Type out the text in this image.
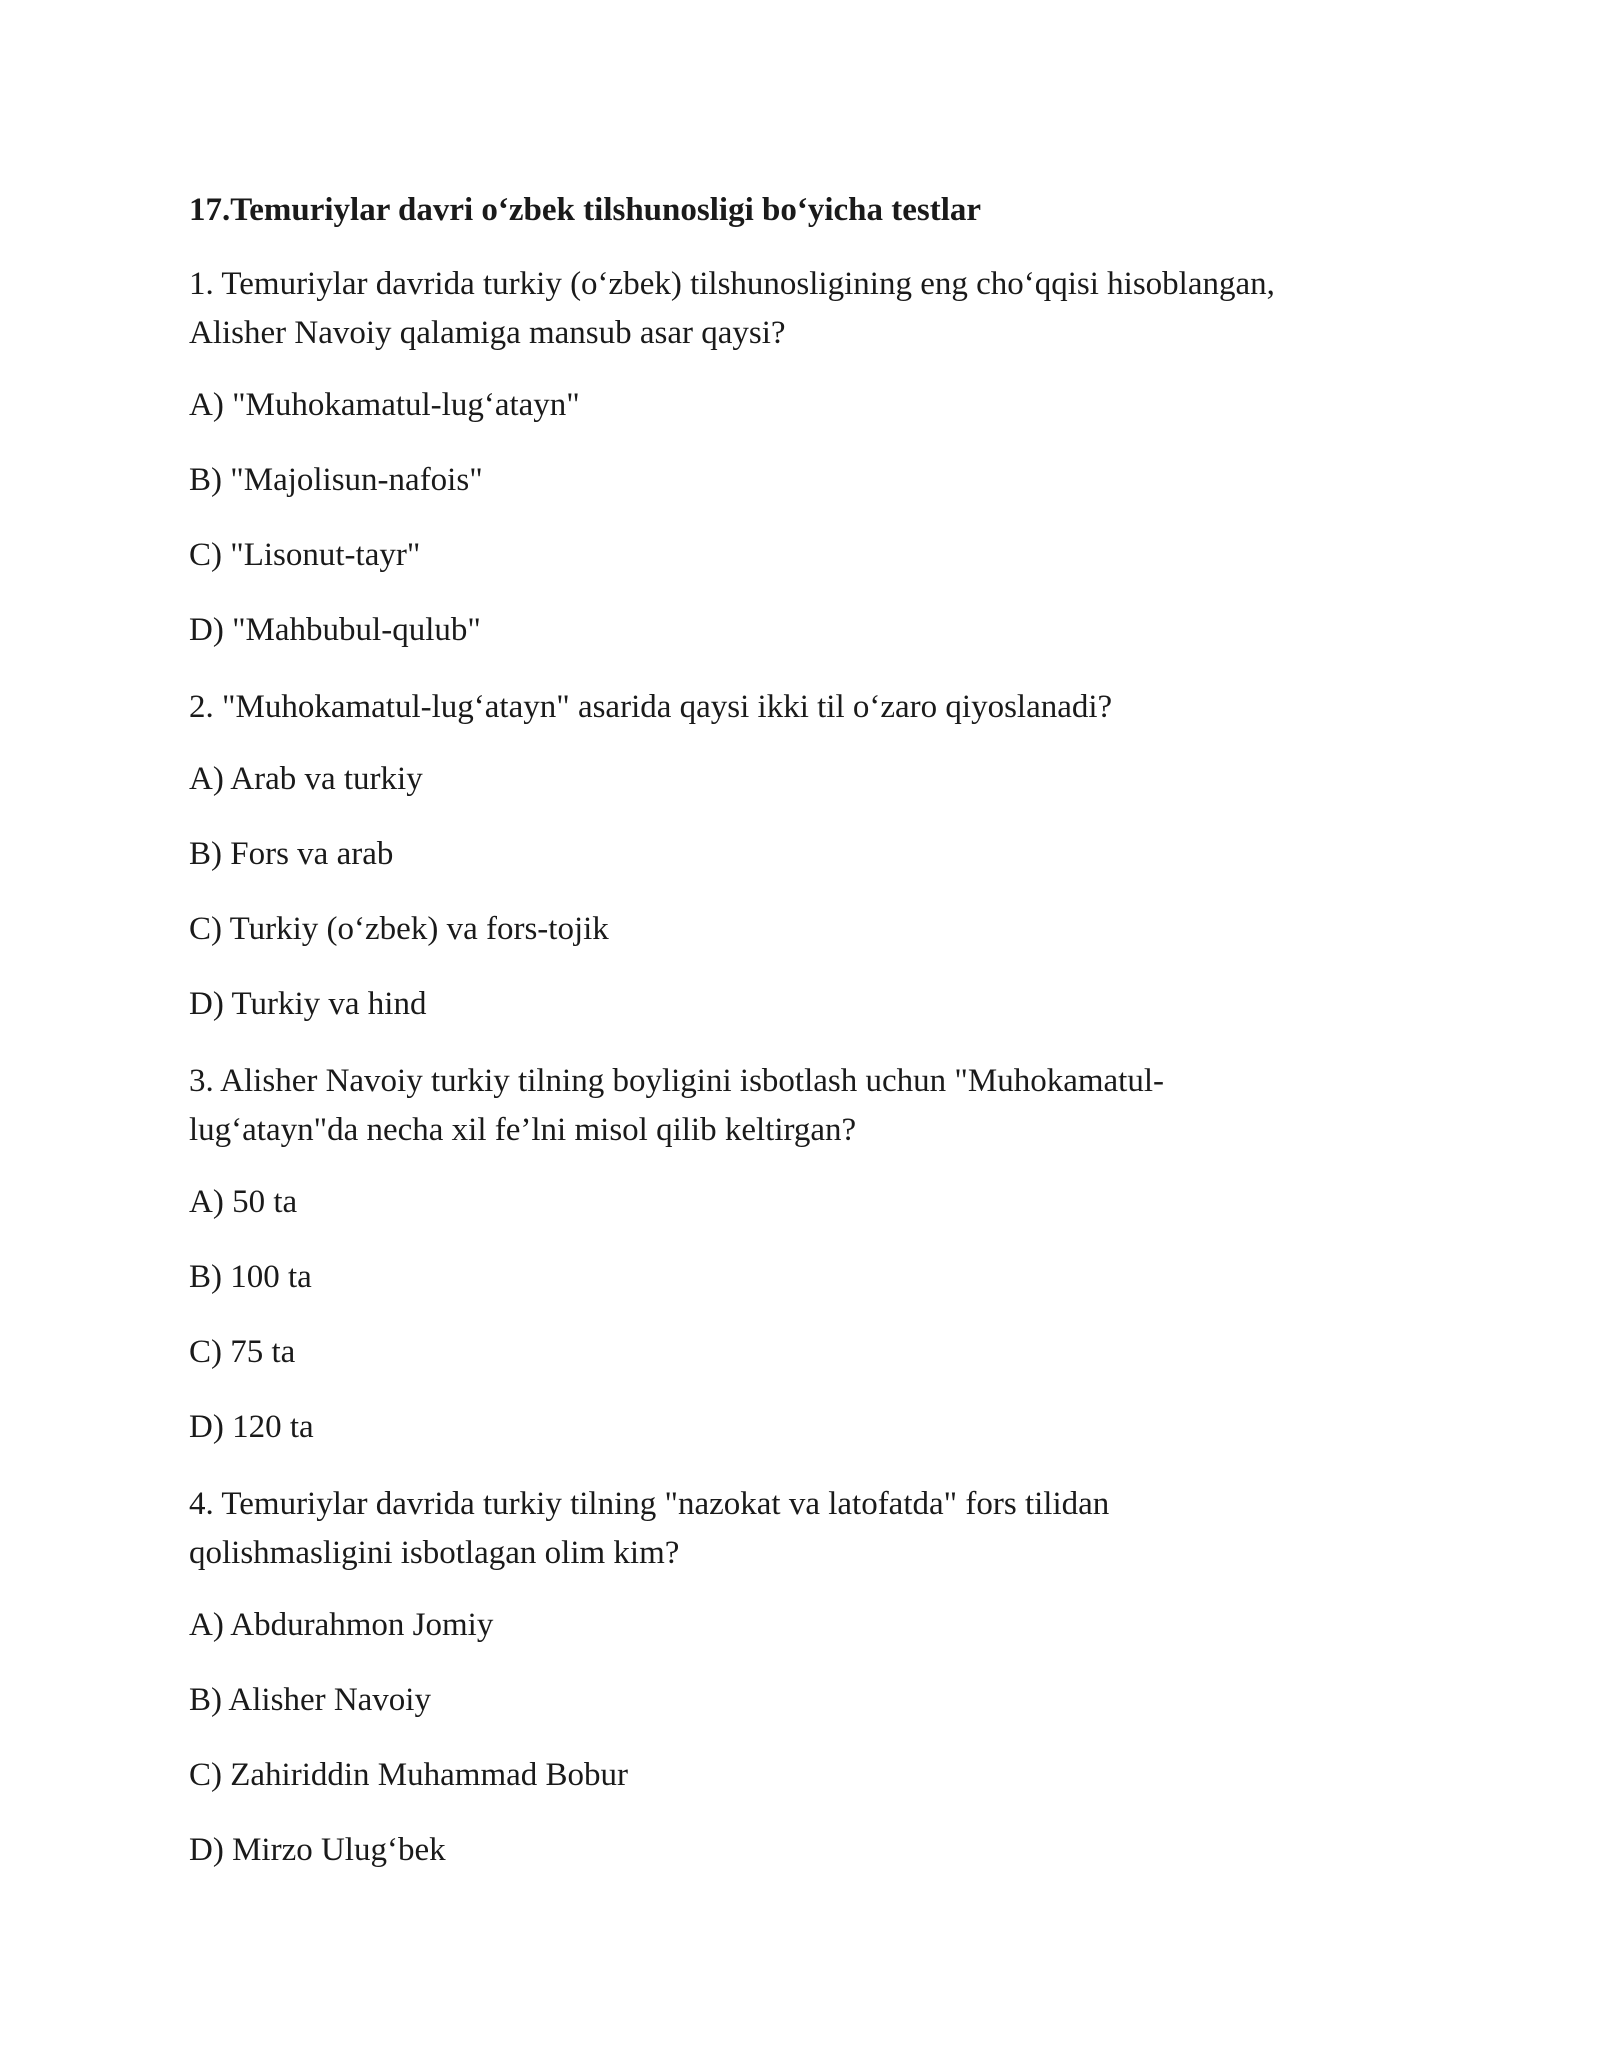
17.Temuriylar davri o‘zbek tilshunosligi bo‘yicha testlar
1. Temuriylar davrida turkiy (o‘zbek) tilshunosligining eng cho‘qqisi hisoblangan,
Alisher Navoiy qalamiga mansub asar qaysi?
A) "Muhokamatul-lug‘atayn"
B) "Majolisun-nafois"
C) "Lisonut-tayr"
D) "Mahbubul-qulub"
2. "Muhokamatul-lug‘atayn" asarida qaysi ikki til o‘zaro qiyoslanadi?
A) Arab va turkiy
B) Fors va arab
C) Turkiy (o‘zbek) va fors-tojik
D) Turkiy va hind
3. Alisher Navoiy turkiy tilning boyligini isbotlash uchun "Muhokamatul-
lug‘atayn"da necha xil fe’lni misol qilib keltirgan?
A) 50 ta
B) 100 ta
C) 75 ta
D) 120 ta
4. Temuriylar davrida turkiy tilning "nazokat va latofatda" fors tilidan
qolishmasligini isbotlagan olim kim?
A) Abdurahmon Jomiy
B) Alisher Navoiy
C) Zahiriddin Muhammad Bobur
D) Mirzo Ulug‘bek
